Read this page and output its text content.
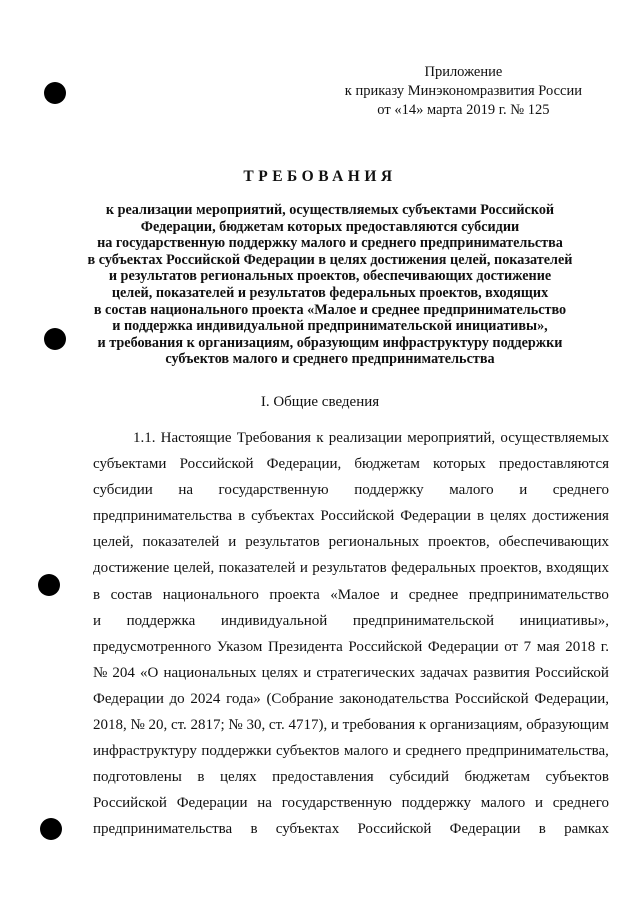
Приложение
к приказу Минэкономразвития России
от «14» марта 2019 г. № 125
ТРЕБОВАНИЯ
к реализации мероприятий, осуществляемых субъектами Российской
Федерации, бюджетам которых предоставляются субсидии
на государственную поддержку малого и среднего предпринимательства
в субъектах Российской Федерации в целях достижения целей, показателей
и результатов региональных проектов, обеспечивающих достижение
целей, показателей и результатов федеральных проектов, входящих
в состав национального проекта «Малое и среднее предпринимательство
и поддержка индивидуальной предпринимательской инициативы»,
и требования к организациям, образующим инфраструктуру поддержки
субъектов малого и среднего предпринимательства
I. Общие сведения
1.1. Настоящие Требования к реализации мероприятий, осуществляемых
субъектами Российской Федерации, бюджетам которых предоставляются
субсидии на государственную поддержку малого и среднего
предпринимательства в субъектах Российской Федерации в целях достижения
целей, показателей и результатов региональных проектов, обеспечивающих
достижение целей, показателей и результатов федеральных проектов, входящих
в состав национального проекта «Малое и среднее предпринимательство
и поддержка индивидуальной предпринимательской инициативы»,
предусмотренного Указом Президента Российской Федерации от 7 мая 2018 г.
№ 204 «О национальных целях и стратегических задачах развития Российской
Федерации до 2024 года» (Собрание законодательства Российской Федерации,
2018, № 20, ст. 2817; № 30, ст. 4717), и требования к организациям, образующим
инфраструктуру поддержки субъектов малого и среднего предпринимательства,
подготовлены в целях предоставления субсидий бюджетам субъектов
Российской Федерации на государственную поддержку малого и среднего
предпринимательства в субъектах Российской Федерации в рамках
